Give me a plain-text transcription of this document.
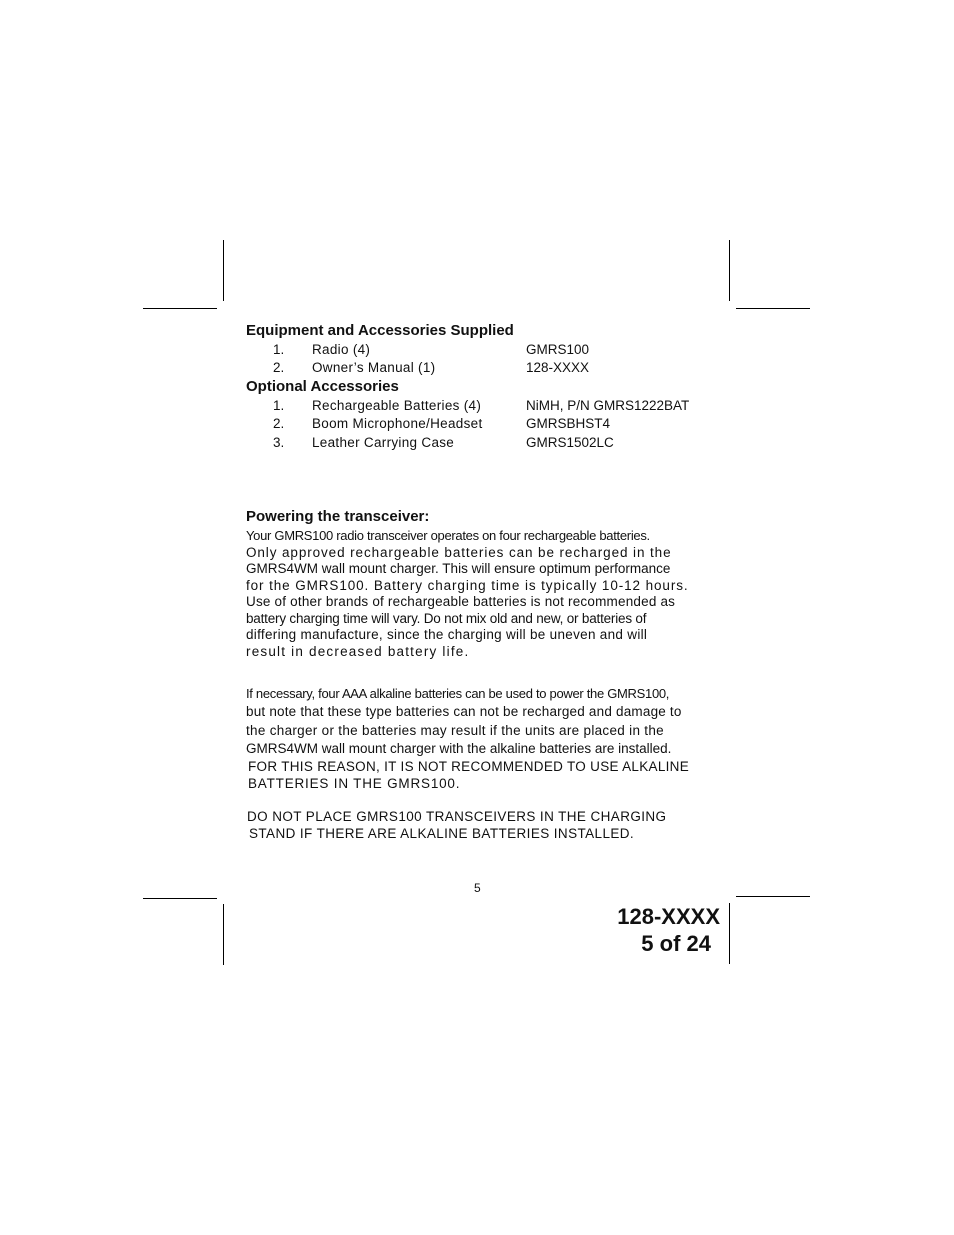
Equipment and Accessories Supplied
1. Radio (4)	GMRS100
2. Owner’s Manual (1)	128-XXXX
Optional Accessories
1. Rechargeable Batteries (4)	NiMH, P/N GMRS1222BAT
2. Boom Microphone/Headset	GMRSBHST4
3. Leather Carrying Case	GMRS1502LC
Powering the transceiver:
Your GMRS100 radio transceiver operates on four rechargeable batteries.
Only approved rechargeable batteries can be recharged in the
GMRS4WM wall mount charger. This will ensure optimum performance
for the GMRS100. Battery charging time is typically 10-12 hours.
Use of other brands of rechargeable batteries is not recommended as
battery charging time will vary. Do not mix old and new, or batteries of
differing manufacture, since the charging will be uneven and will
result in decreased battery life.
If necessary, four AAA alkaline batteries can be used to power the GMRS100,
but note that these type batteries can not be recharged and damage to
the charger or the batteries may result if the units are placed in the
GMRS4WM wall mount charger with the alkaline batteries are installed.
FOR THIS REASON, IT IS NOT RECOMMENDED TO USE ALKALINE
BATTERIES IN THE GMRS100.
DO NOT PLACE GMRS100 TRANSCEIVERS IN THE CHARGING
STAND IF THERE ARE ALKALINE BATTERIES INSTALLED.
5
128-XXXX
5 of 24
